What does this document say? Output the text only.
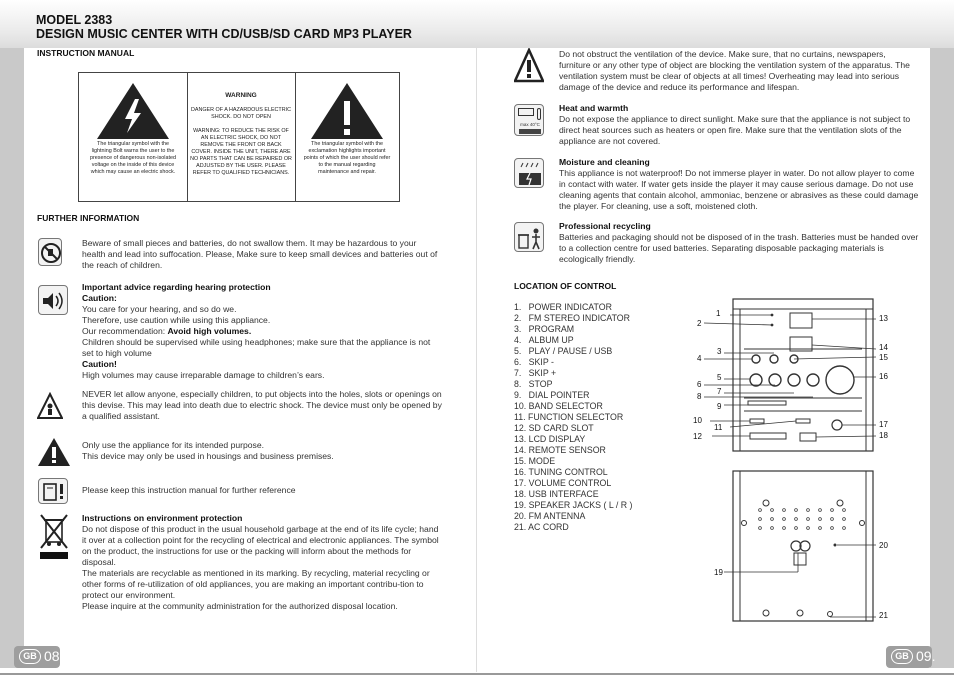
MODEL 2383
DESIGN MUSIC CENTER WITH CD/USB/SD CARD MP3 PLAYER
INSTRUCTION MANUAL
The triangular symbol with the lightning Bolt warns the user to the presence of dangerous non-isolated voltage on the inside of this device which may cause an electric shock.
WARNING
DANGER OF A HAZARDOUS ELECTRIC SHOCK. DO NOT OPEN

WARNING: TO REDUCE THE RISK OF AN ELECTRIC SHOCK, DO NOT REMOVE THE FRONT OR BACK COVER. INSIDE THE UNIT, THERE ARE NO PARTS THAT CAN BE REPAIRED OR ADJUSTED BY THE USER. PLEASE REFER TO QUALIFIED TECHNICIANS.
The triangular symbol with the exclamation highlights important points of which the user should refer to the manual regarding maintenance and repair.
FURTHER INFORMATION
Beware of small pieces and batteries, do not swallow them. It may be hazardous to your health and lead into suffocation. Please, Make sure to keep small devices and batteries out of the reach of children.
Important advice regarding hearing protection
Caution:
You care for your hearing, and so do we.
Therefore, use caution while using this appliance.
Our recommendation: Avoid high volumes.
Children should be supervised while using headphones; make sure that the appliance is not set to high volume
Caution!
High volumes may cause irreparable damage to children’s ears.
NEVER let allow anyone, especially children, to put objects into the holes, slots or openings on this devise. This may lead into death due to electric shock. The device must only be opened by a qualified assistant.
Only use the appliance for its intended purpose.
This device may only be used in housings and business premises.
Please keep this instruction manual for further reference
Instructions on environment protection
Do not dispose of this product in the usual household garbage at the end of its life cycle; hand it over at a collection point for the recycling of electrical and electronic appliances. The symbol on the product, the instructions for use or the packing will inform about the methods for disposal.
The materials are recyclable as mentioned in its marking. By recycling, material recycling or other forms of re-utilization of old appliances, you are making an important contribu-tion to protect our environment.
Please inquire at the community administration for the authorized disposal location.
GB 08.
Do not obstruct the ventilation of the device. Make sure, that no curtains, newspapers, furniture or any other type of object are blocking the ventilation system of the apparatus. The ventilation system must be clear of objects at all times! Overheating may lead into serious damage of the device and reduce its performance and lifespan.
max 40°C
Heat and warmth
Do not expose the appliance to direct sunlight. Make sure that the appliance is not subject to direct heat sources such as heaters or open fire. Make sure that the ventilation slots of the appliance are not covered.
Moisture and cleaning
This appliance is not waterproof! Do not immerse player in water. Do not allow player to come in contact with water. If water gets inside the player it may cause serious damage. Do not use cleaning agents that contain alcohol, ammoniac, benzene or abrasives as these could damage the player. For cleaning, use a soft, moistened cloth.
Professional recycling
Batteries and packaging should not be disposed of in the trash. Batteries must be handed over to a collection centre for used batteries. Separating disposable packaging materials is ecologically friendly.
LOCATION OF CONTROL
1.   POWER INDICATOR
2.   FM STEREO INDICATOR
3.   PROGRAM
4.   ALBUM UP
5.   PLAY / PAUSE / USB
6.   SKIP -
7.   SKIP +
8.   STOP
9.   DIAL POINTER
10. BAND SELECTOR
11. FUNCTION SELECTOR
12. SD CARD SLOT
13. LCD DISPLAY
14. REMOTE SENSOR
15. MODE
16. TUNING CONTROL
17. VOLUME CONTROL
18. USB INTERFACE
19. SPEAKER JACKS ( L / R )
20. FM ANTENNA
21. AC CORD
1
2
3
4
5
6
7
8
9
10
11
12
13
14
15
16
17
18
19
20
21
GB 09.
